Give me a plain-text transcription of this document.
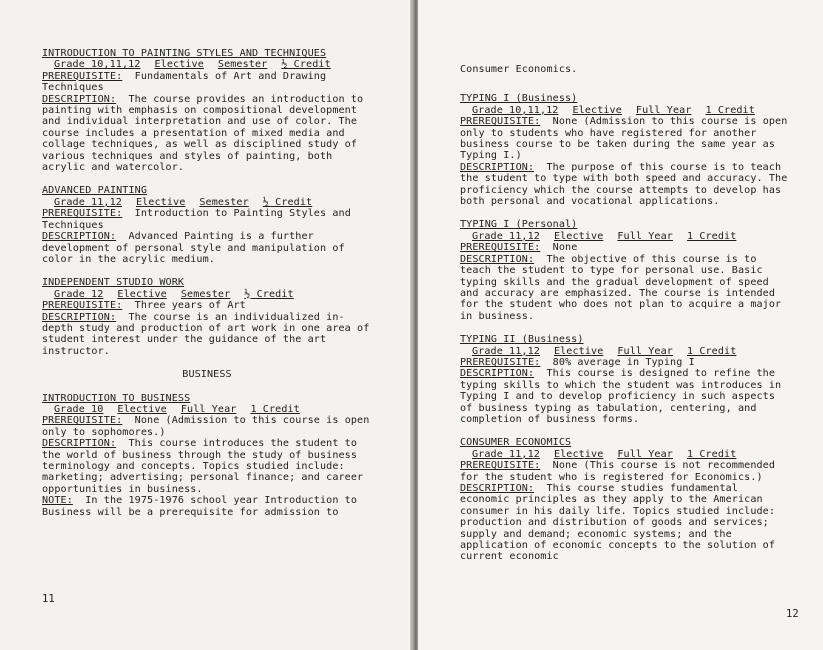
INTRODUCTION TO PAINTING STYLES AND TECHNIQUES
Grade 10,11,12 Elective Semester ½ Credit

PREREQUISITE: Fundamentals of Art and Drawing Techniques

DESCRIPTION: The course provides an introduction to painting with emphasis on compositional development and individual interpretation and use of color. The course includes a presentation of mixed media and collage techniques, as well as disciplined study of various techniques and styles of painting, both acrylic and watercolor.

ADVANCED PAINTING
Grade 11,12 Elective Semester ½ Credit

PREREQUISITE: Introduction to Painting Styles and Techniques

DESCRIPTION: Advanced Painting is a further development of personal style and manipulation of color in the acrylic medium.

INDEPENDENT STUDIO WORK
Grade 12 Elective Semester ½ Credit

PREREQUISITE: Three years of Art

DESCRIPTION: The course is an individualized in-depth study and production of art work in one area of student interest under the guidance of the art instructor.

BUSINESS
INTRODUCTION TO BUSINESS
Grade 10 Elective Full Year 1 Credit

PREREQUISITE: None (Admission to this course is open only to sophomores.)

DESCRIPTION: This course introduces the student to the world of business through the study of business terminology and concepts. Topics studied include: marketing; advertising; personal finance; and career opportunities in business.

NOTE: In the 1975-1976 school year Introduction to Business will be a prerequisite for admission to

11
Consumer Economics.
TYPING I (Business)
Grade 10,11,12 Elective Full Year 1 Credit

PREREQUISITE: None (Admission to this course is open only to students who have registered for another business course to be taken during the same year as Typing I.)

DESCRIPTION: The purpose of this course is to teach the student to type with both speed and accuracy. The proficiency which the course attempts to develop has both personal and vocational applications.

TYPING I (Personal)
Grade 11,12 Elective Full Year 1 Credit

PREREQUISITE: None

DESCRIPTION: The objective of this course is to teach the student to type for personal use. Basic typing skills and the gradual development of speed and accuracy are emphasized. The course is intended for the student who does not plan to acquire a major in business.

TYPING II (Business)
Grade 11,12 Elective Full Year 1 Credit

PREREQUISITE: 80% average in Typing I

DESCRIPTION: This course is designed to refine the typing skills to which the student was introduces in Typing I and to develop proficiency in such aspects of business typing as tabulation, centering, and completion of business forms.

CONSUMER ECONOMICS
Grade 11,12 Elective Full Year 1 Credit

PREREQUISITE: None (This course is not recommended for the student who is registered for Economics.)

DESCRIPTION: This course studies fundamental economic principles as they apply to the American consumer in his daily life. Topics studied include: production and distribution of goods and services; supply and demand; economic systems; and the application of economic concepts to the solution of current economic

12
